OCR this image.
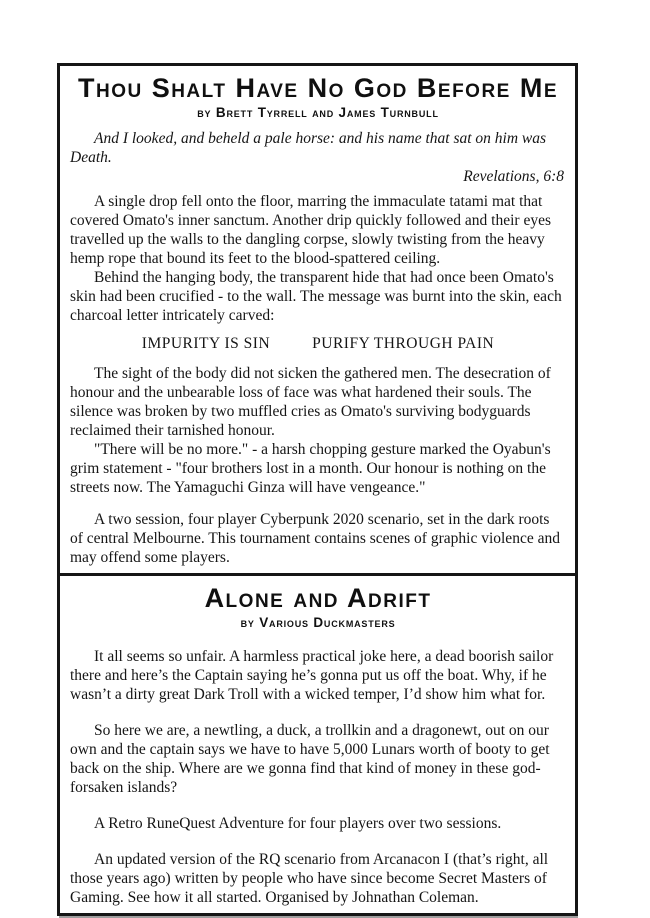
Thou Shalt Have No God Before Me
by Brett Tyrrell and James Turnbull

And I looked, and beheld a pale horse: and his name that sat on him was Death.

Revelations, 6:8

A single drop fell onto the floor, marring the immaculate tatami mat that covered Omato's inner sanctum. Another drip quickly followed and their eyes travelled up the walls to the dangling corpse, slowly twisting from the heavy hemp rope that bound its feet to the blood-spattered ceiling.

Behind the hanging body, the transparent hide that had once been Omato's skin had been crucified - to the wall. The message was burnt into the skin, each charcoal letter intricately carved:

IMPURITY IS SIN	PURIFY THROUGH PAIN

The sight of the body did not sicken the gathered men. The desecration of honour and the unbearable loss of face was what hardened their souls. The silence was broken by two muffled cries as Omato's surviving bodyguards reclaimed their tarnished honour.

"There will be no more." - a harsh chopping gesture marked the Oyabun's grim statement - "four brothers lost in a month. Our honour is nothing on the streets now. The Yamaguchi Ginza will have vengeance."

A two session, four player Cyberpunk 2020 scenario, set in the dark roots of central Melbourne. This tournament contains scenes of graphic violence and may offend some players.

Alone and Adrift
by Various Duckmasters

It all seems so unfair. A harmless practical joke here, a dead boorish sailor there and here’s the Captain saying he’s gonna put us off the boat. Why, if he wasn’t a dirty great Dark Troll with a wicked temper, I’d show him what for.

So here we are, a newtling, a duck, a trollkin and a dragonewt, out on our own and the captain says we have to have 5,000 Lunars worth of booty to get back on the ship. Where are we gonna find that kind of money in these god-forsaken islands?

A Retro RuneQuest Adventure for four players over two sessions.

An updated version of the RQ scenario from Arcanacon I (that’s right, all those years ago) written by people who have since become Secret Masters of Gaming. See how it all started. Organised by Johnathan Coleman.
